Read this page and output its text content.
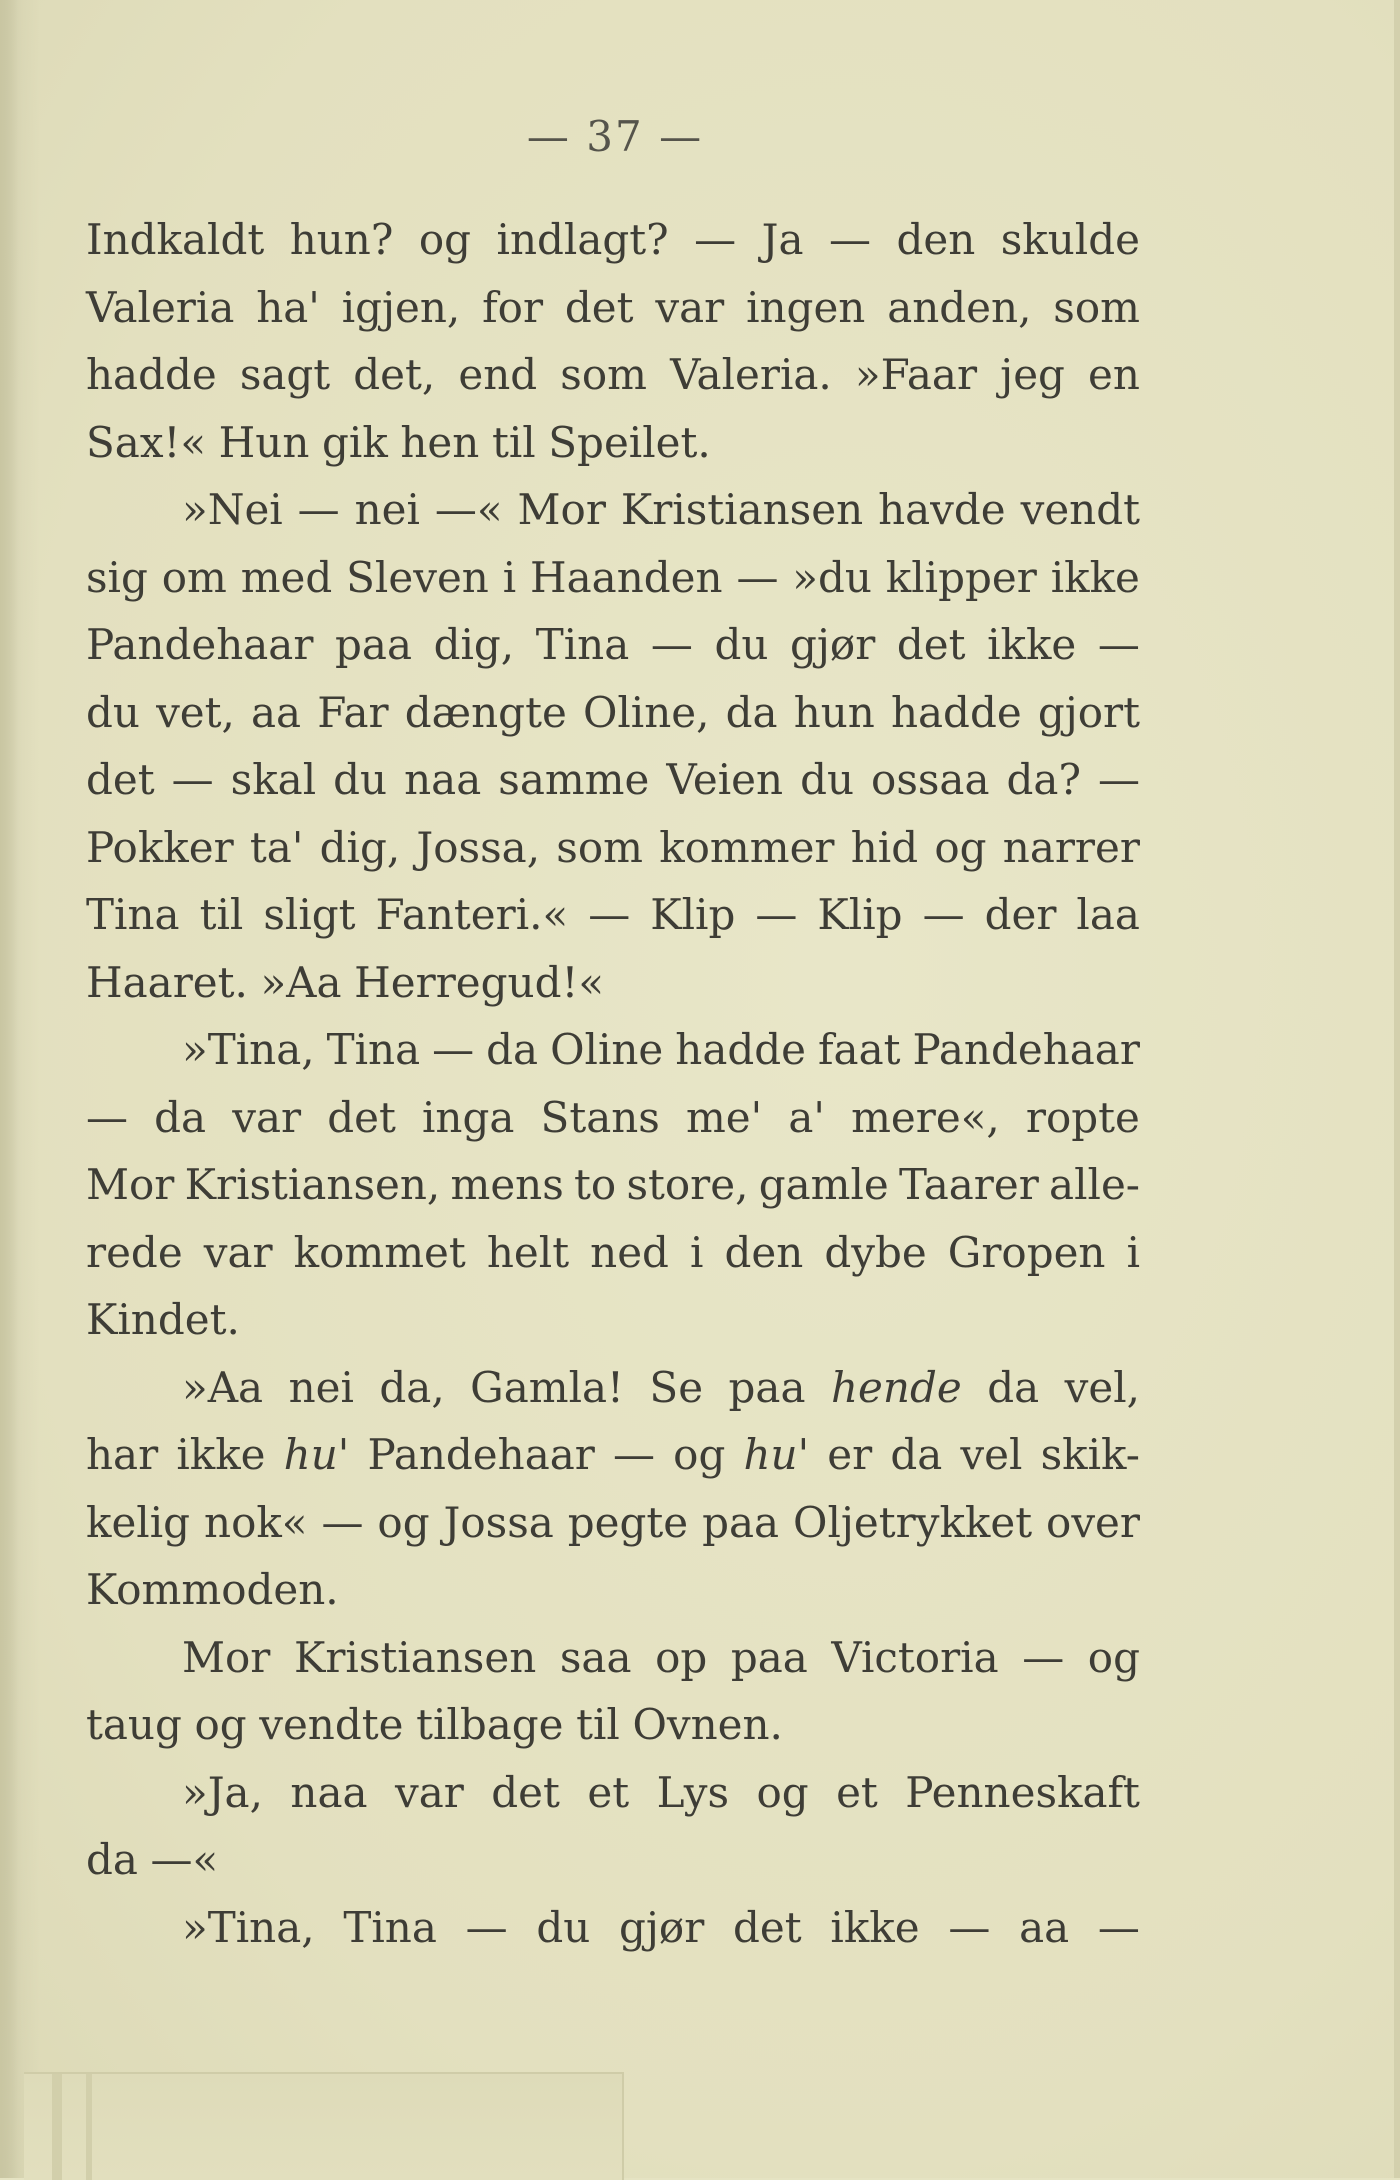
— 37 —
Indkaldt hun? og indlagt? — Ja — den skulde
Valeria ha' igjen, for det var ingen anden, som
hadde sagt det, end som Valeria. »Faar jeg en
Sax!« Hun gik hen til Speilet.
»Nei — nei —« Mor Kristiansen havde vendt
sig om med Sleven i Haanden — »du klipper ikke
Pandehaar paa dig, Tina — du gjør det ikke —
du vet, aa Far dængte Oline, da hun hadde gjort
det — skal du naa samme Veien du ossaa da? —
Pokker ta' dig, Jossa, som kommer hid og narrer
Tina til sligt Fanteri.« — Klip — Klip — der laa
Haaret. »Aa Herregud!«
»Tina, Tina — da Oline hadde faat Pandehaar
— da var det inga Stans me' a' mere«, ropte
Mor Kristiansen, mens to store, gamle Taarer alle-
rede var kommet helt ned i den dybe Gropen i
Kindet.
»Aa nei da, Gamla! Se paa hende da vel,
har ikke hu' Pandehaar — og hu' er da vel skik-
kelig nok« — og Jossa pegte paa Oljetrykket over
Kommoden.
Mor Kristiansen saa op paa Victoria — og
taug og vendte tilbage til Ovnen.
»Ja, naa var det et Lys og et Penneskaft
da —«
»Tina, Tina — du gjør det ikke — aa —
